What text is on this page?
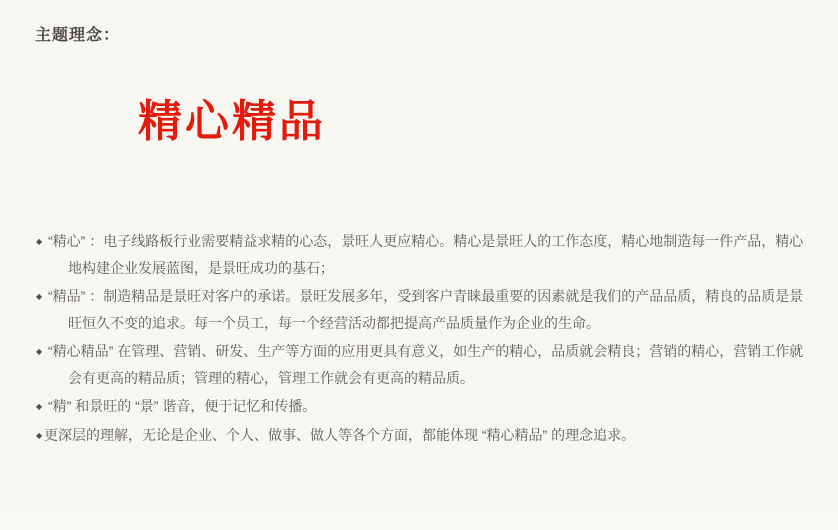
主题理念：
精心精品

◆ “精心” ：电子线路板行业需要精益求精的心态，景旺人更应精心。精心是景旺人的工作态度，精心地制造每一件产品，精心地构建企业发展蓝图，是景旺成功的基石；

◆ “精品” ：制造精品是景旺对客户的承诺。景旺发展多年，受到客户青睐最重要的因素就是我们的产品品质，精良的品质是景旺恒久不变的追求。每一个员工，每一个经营活动都把提高产品质量作为企业的生命。

◆ “精心精品” 在管理、营销、研发、生产等方面的应用更具有意义，如生产的精心，品质就会精良；营销的精心，营销工作就会有更高的精品质；管理的精心，管理工作就会有更高的精品质。

◆ “精” 和景旺的 “景” 谐音，便于记忆和传播。

◆ 更深层的理解，无论是企业、个人、做事、做人等各个方面，都能体现 “精心精品” 的理念追求。
